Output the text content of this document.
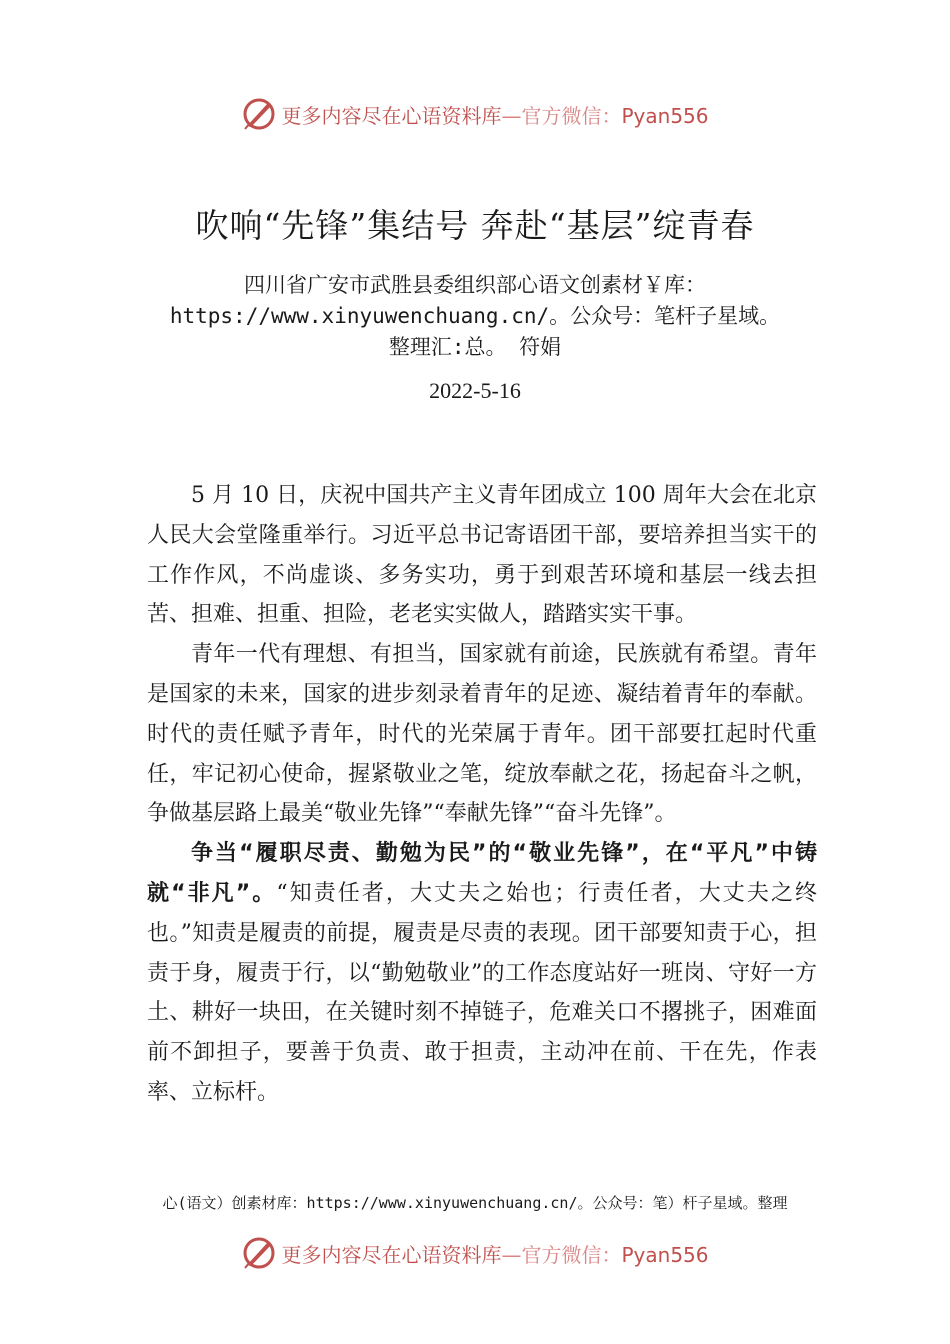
更多内容尽在心语资料库—官方微信：Pyan556
吹响“先锋”集结号 奔赴“基层”绽青春
四川省广安市武胜县委组织部心语文创素材￥库：
https://www.xinyuwenchuang.cn/。公众号：笔杆子星域。
整理汇:总。 符娟
2022-5-16

5 月 10 日，庆祝中国共产主义青年团成立 100 周年大会在北京人民大会堂隆重举行。习近平总书记寄语团干部，要培养担当实干的工作作风，不尚虚谈、多务实功，勇于到艰苦环境和基层一线去担苦、担难、担重、担险，老老实实做人，踏踏实实干事。

青年一代有理想、有担当，国家就有前途，民族就有希望。青年是国家的未来，国家的进步刻录着青年的足迹、凝结着青年的奉献。时代的责任赋予青年，时代的光荣属于青年。团干部要扛起时代重任，牢记初心使命，握紧敬业之笔，绽放奉献之花，扬起奋斗之帆，争做基层路上最美“敬业先锋”“奉献先锋”“奋斗先锋”。

争当“履职尽责、勤勉为民”的“敬业先锋”，在“平凡”中铸就“非凡”。“知责任者，大丈夫之始也；行责任者，大丈夫之终也。”知责是履责的前提，履责是尽责的表现。团干部要知责于心，担责于身，履责于行，以“勤勉敬业”的工作态度站好一班岗、守好一方土、耕好一块田，在关键时刻不掉链子，危难关口不撂挑子，困难面前不卸担子，要善于负责、敢于担责，主动冲在前、干在先，作表率、立标杆。

心(语文）创素材库：https://www.xinyuwenchuang.cn/。公众号：笔）杆子星域。整理
更多内容尽在心语资料库—官方微信：Pyan556
